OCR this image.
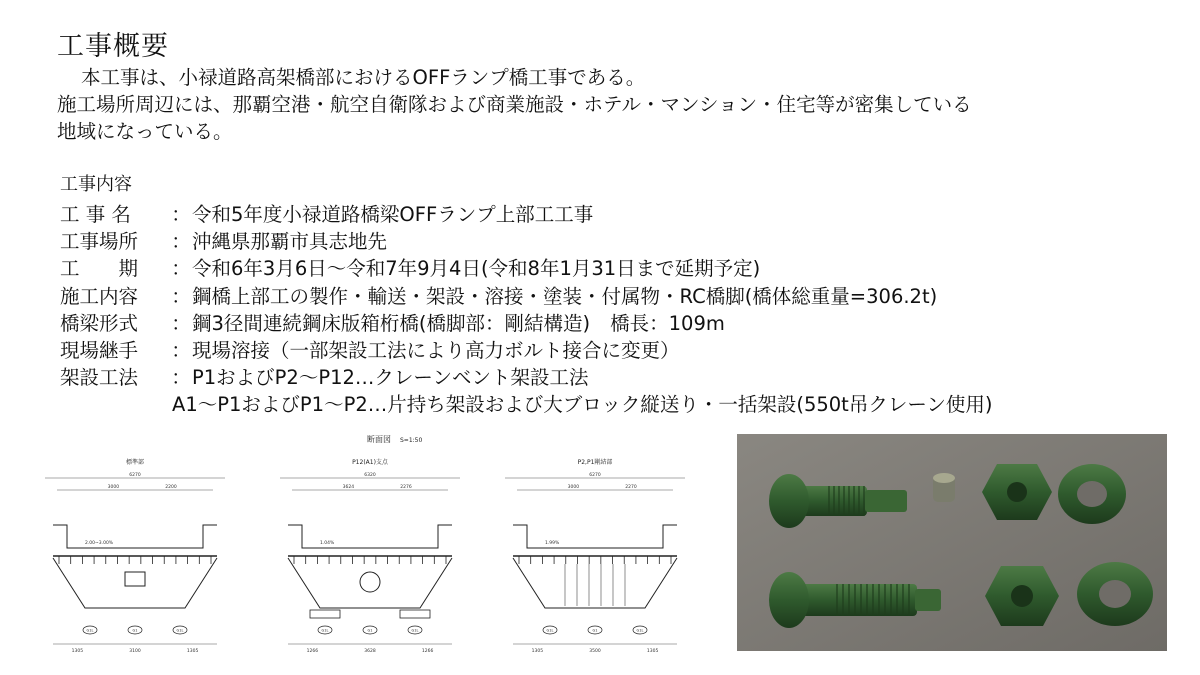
工事概要
本工事は、小禄道路高架橋部におけるOFFランプ橋工事である。
施工場所周辺には、那覇空港・航空自衛隊および商業施設・ホテル・マンション・住宅等が密集している
地域になっている。
工事内容
工 事 名	： 令和5年度小禄道路橋梁OFFランプ上部工工事
工事場所	： 沖縄県那覇市具志地先
工　　期	： 令和6年3月6日～令和7年9月4日(令和8年1月31日まで延期予定)
施工内容	： 鋼橋上部工の製作・輸送・架設・溶接・塗装・付属物・RC橋脚(橋体総重量=306.2t)
橋梁形式	： 鋼3径間連続鋼床版箱桁橋(橋脚部：剛結構造) 橋長：109m
現場継手	： 現場溶接（一部架設工法により高力ボルト接合に変更）
架設工法	： P1およびP2～P12…クレーンベント架設工法
A1～P1およびP1～P2…片持ち架設および大ブロック縦送り・一括架設(550t吊クレーン使用)
断面図 S=1:50
標準部
6270
3000	2200
2.00~3.00%
G1L	G1	G1L
1305	3100	1305
P12(A1)支点
6320
3624	2276
1.04%
G1L	G1	G1L
1266	3628	1266
P2,P1剛結部
6270
3000	2270
1.99%
G1L	G1	G1L
1305	3500	1305
